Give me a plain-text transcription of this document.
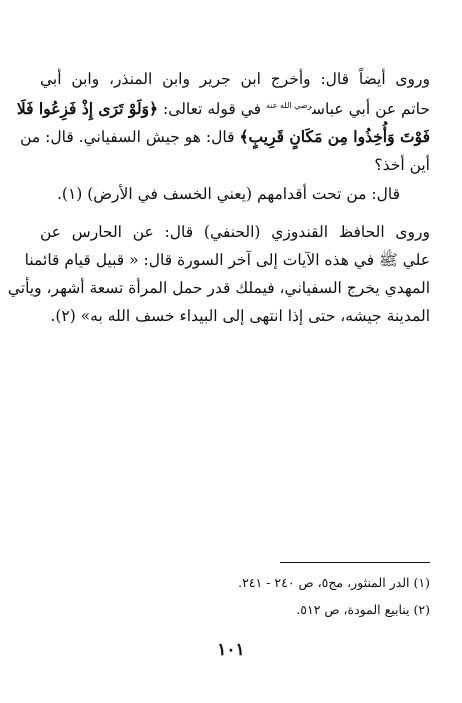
وروى أيضاً قال: وأخرج ابن جرير وابن المنذر، وابن أبي
حاتم عن أبي عباس$^{رضي الله عنه}$ في قوله تعالى: ﴿وَلَوْ تَرَى إِذْ فَزِعُوا فَلَا
فَوْتَ وَأُخِذُوا مِن مَكَانٍ قَرِيبٍ﴾ قال: هو جيش السفياني. قال: من
أين أخذ؟
قال: من تحت أقدامهم (يعني الخسف في الأرض) (١).
وروى الحافظ القندوزي (الحنفي) قال: عن الحارس عن
علي ﷺ في هذه الآيات إلى آخر السورة قال: « قبيل قيام قائمنا
المهدي يخرج السفياني، فيملك قدر حمل المرأة تسعة أشهر، ويأتي
المدينة جيشه، حتى إذا انتهى إلى البيداء خسف الله به» (٢).
(١) الدر المنثور، مج٥، ص ٢٤٠ - ٢٤١.
(٢) ينابيع المودة، ص ٥١٢.
١٠١
